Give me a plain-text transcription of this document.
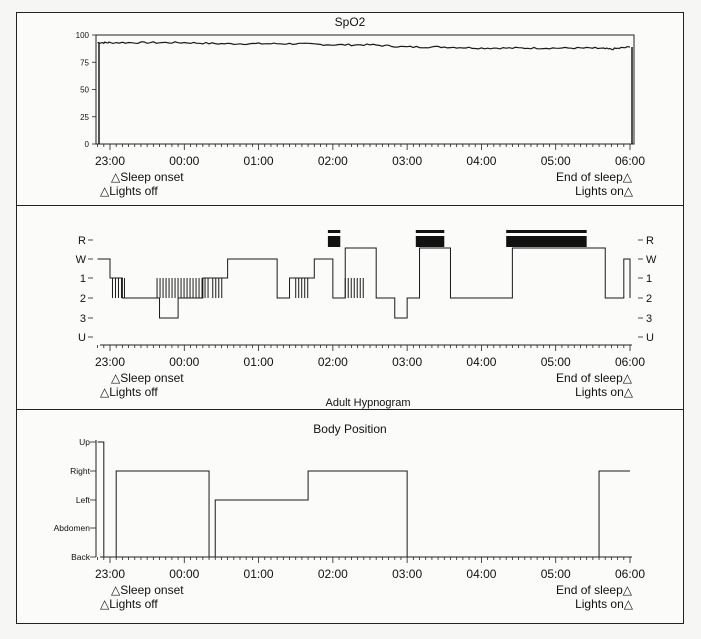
SpO2
0
25
50
75
100
23:00	00:00	01:00	02:00	03:00	04:00	05:00	06:00
△Sleep onset
△Lights off
End of sleep△
Lights on△
R
W
1
2
3
U
R
W
1
2
3
U
23:00	00:00	01:00	02:00	03:00	04:00	05:00	06:00
△Sleep onset
△Lights off
End of sleep△
Lights on△
Adult Hypnogram
Body Position
Up
Right
Left
Abdomen
Back
23:00	00:00	01:00	02:00	03:00	04:00	05:00	06:00
△Sleep onset
△Lights off
End of sleep△
Lights on△
